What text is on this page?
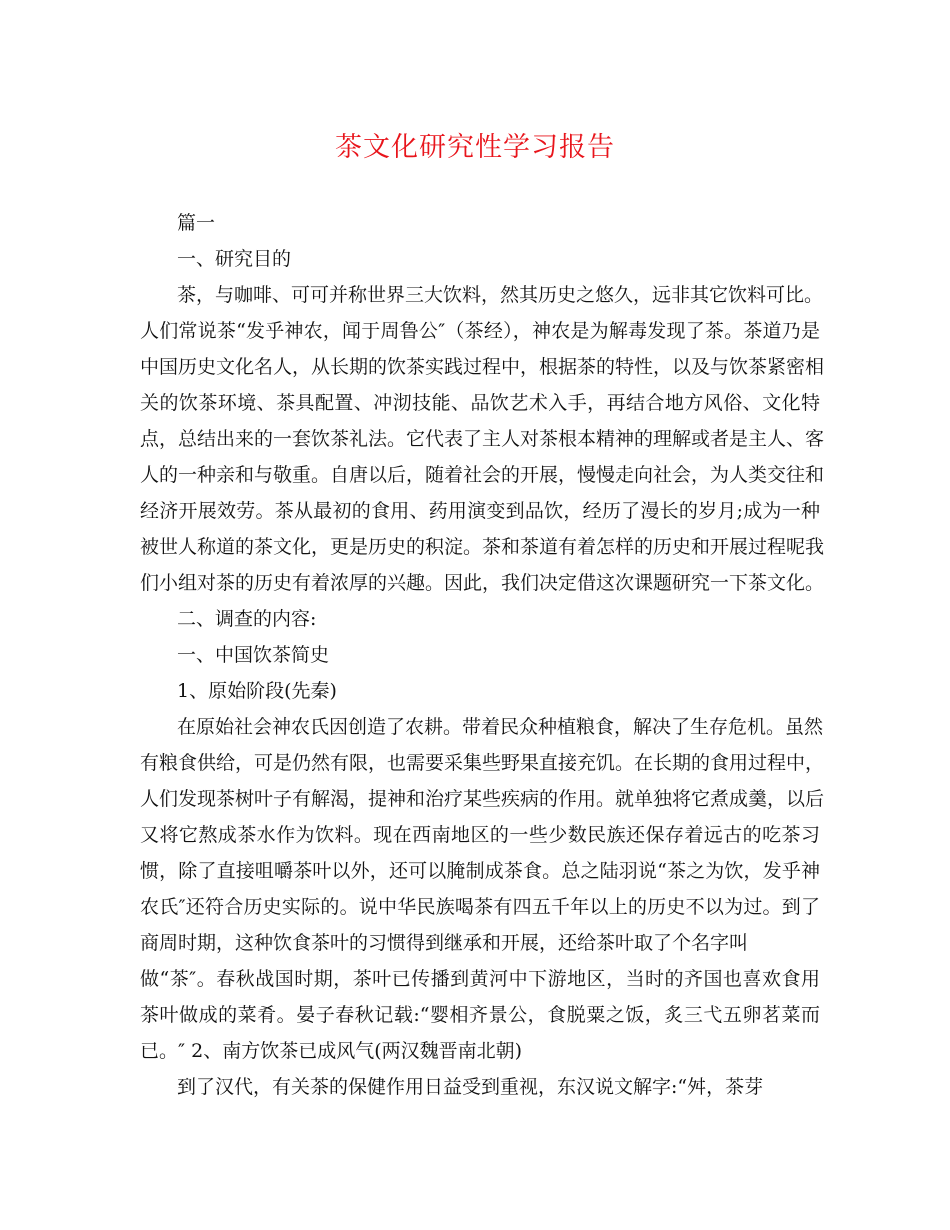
茶文化研究性学习报告
篇一
一、研究目的
茶，与咖啡、可可并称世界三大饮料，然其历史之悠久，远非其它饮料可比。
人们常说茶“发乎神农，闻于周鲁公″（茶经），神农是为解毒发现了茶。茶道乃是
中国历史文化名人，从长期的饮茶实践过程中，根据茶的特性，以及与饮茶紧密相
关的饮茶环境、茶具配置、冲沏技能、品饮艺术入手，再结合地方风俗、文化特
点，总结出来的一套饮茶礼法。它代表了主人对茶根本精神的理解或者是主人、客
人的一种亲和与敬重。自唐以后，随着社会的开展，慢慢走向社会，为人类交往和
经济开展效劳。茶从最初的食用、药用演变到品饮，经历了漫长的岁月;成为一种
被世人称道的茶文化，更是历史的积淀。茶和茶道有着怎样的历史和开展过程呢我
们小组对茶的历史有着浓厚的兴趣。因此，我们决定借这次课题研究一下茶文化。
二、调查的内容:
一、中国饮茶简史
1、原始阶段(先秦)
在原始社会神农氏因创造了农耕。带着民众种植粮食，解决了生存危机。虽然
有粮食供给，可是仍然有限，也需要采集些野果直接充饥。在长期的食用过程中，
人们发现茶树叶子有解渴，提神和治疗某些疾病的作用。就单独将它煮成羹，以后
又将它熬成茶水作为饮料。现在西南地区的一些少数民族还保存着远古的吃茶习
惯，除了直接咀嚼茶叶以外，还可以腌制成茶食。总之陆羽说“茶之为饮，发乎神
农氏″还符合历史实际的。说中华民族喝茶有四五千年以上的历史不以为过。到了
商周时期，这种饮食茶叶的习惯得到继承和开展，还给茶叶取了个名字叫
做“茶″。春秋战国时期，茶叶已传播到黄河中下游地区，当时的齐国也喜欢食用
茶叶做成的菜肴。晏子春秋记载:“婴相齐景公，食脱粟之饭，炙三弋五卵茗菜而
已。″ 2、南方饮茶已成风气(两汉魏晋南北朝)
到了汉代，有关茶的保健作用日益受到重视，东汉说文解字:“舛，茶芽
